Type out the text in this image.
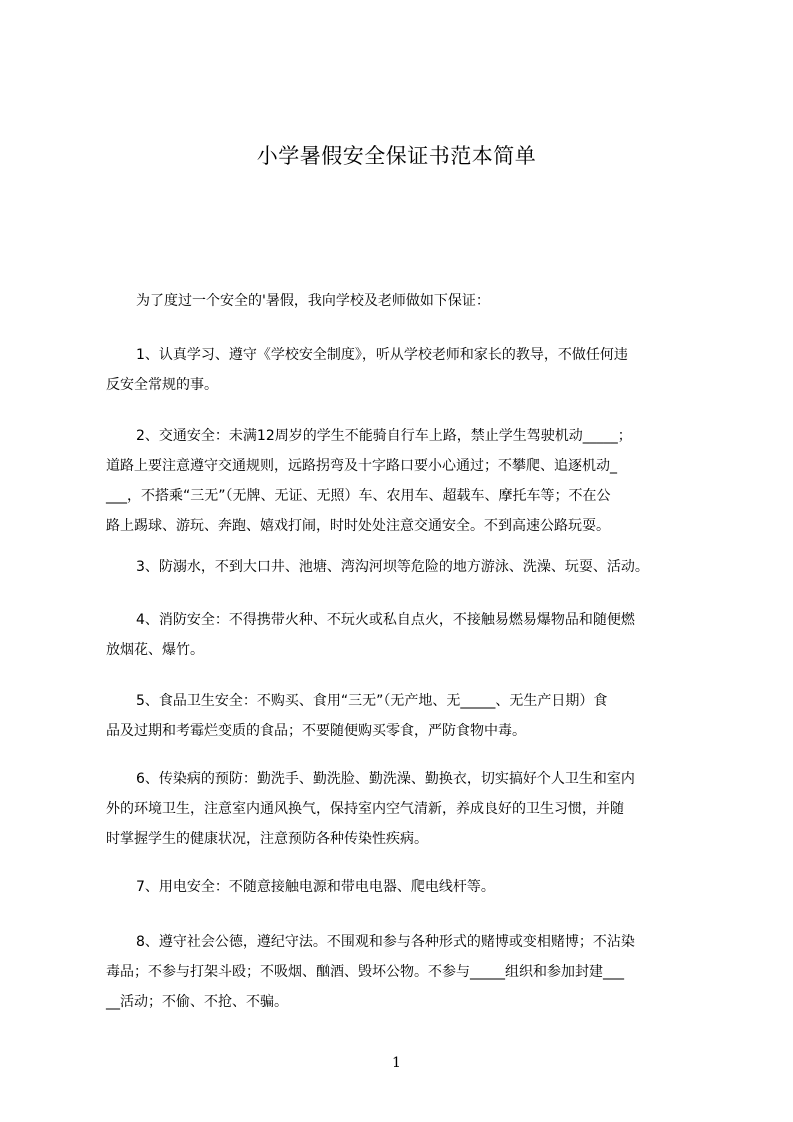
小学暑假安全保证书范本简单
为了度过一个安全的'暑假，我向学校及老师做如下保证：
1、认真学习、遵守《学校安全制度》，听从学校老师和家长的教导，不做任何违
反安全常规的事。
2、交通安全：未满12周岁的学生不能骑自行车上路，禁止学生驾驶机动_____；
道路上要注意遵守交通规则，远路拐弯及十字路口要小心通过；不攀爬、追逐机动_
___，不搭乘“三无”（无牌、无证、无照）车、农用车、超载车、摩托车等；不在公
路上踢球、游玩、奔跑、嬉戏打闹，时时处处注意交通安全。不到高速公路玩耍。
3、防溺水，不到大口井、池塘、湾沟河坝等危险的地方游泳、洗澡、玩耍、活动。
4、消防安全：不得携带火种、不玩火或私自点火，不接触易燃易爆物品和随便燃
放烟花、爆竹。
5、食品卫生安全：不购买、食用“三无”（无产地、无_____、无生产日期）食
品及过期和考霉烂变质的食品；不要随便购买零食，严防食物中毒。
6、传染病的预防：勤洗手、勤洗脸、勤洗澡、勤换衣，切实搞好个人卫生和室内
外的环境卫生，注意室内通风换气，保持室内空气清新，养成良好的卫生习惯，并随
时掌握学生的健康状况，注意预防各种传染性疾病。
7、用电安全：不随意接触电源和带电电器、爬电线杆等。
8、遵守社会公德，遵纪守法。不围观和参与各种形式的赌博或变相赌博；不沾染
毒品；不参与打架斗殴；不吸烟、酗酒、毁坏公物。不参与_____组织和参加封建___
__活动；不偷、不抢、不骗。
1
